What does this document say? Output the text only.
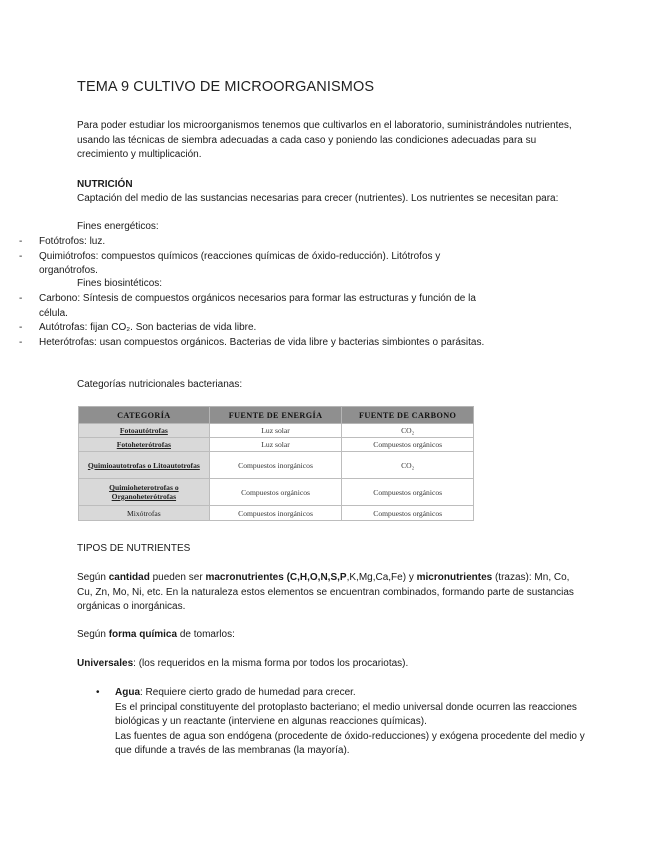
TEMA 9 CULTIVO DE MICROORGANISMOS
Para poder estudiar los microorganismos tenemos que cultivarlos en el laboratorio, suministrándoles nutrientes, usando las técnicas de siembra adecuadas a cada caso y poniendo las condiciones adecuadas para su crecimiento y multiplicación.
NUTRICIÓN
Captación del medio de las sustancias necesarias para crecer (nutrientes). Los nutrientes se necesitan para:
Fines energéticos:
- Fotótrofos: luz.
- Quimiótrofos: compuestos químicos (reacciones químicas de óxido-reducción). Litótrofos y organótrofos.
Fines biosintéticos:
- Carbono: Síntesis de compuestos orgánicos necesarios para formar las estructuras y función de la célula.
- Autótrofas: fijan CO₂. Son bacterias de vida libre.
- Heterótrofas: usan compuestos orgánicos. Bacterias de vida libre y bacterias simbiontes o parásitas.
Categorías nutricionales bacterianas:
CATEGORÍA	FUENTE DE ENERGÍA	FUENTE DE CARBONO
Fotoautótrofas	Luz solar	CO₂
Fotoheterótrofas	Luz solar	Compuestos orgánicos
Quimioautotrofas o Litoautotrofas	Compuestos inorgánicos	CO₂
Quimioheterotrofas o Organoheterótrofas	Compuestos orgánicos	Compuestos orgánicos
Mixótrofas	Compuestos inorgánicos	Compuestos orgánicos
TIPOS DE NUTRIENTES
Según cantidad pueden ser macronutrientes (C,H,O,N,S,P,K,Mg,Ca,Fe) y micronutrientes (trazas): Mn, Co, Cu, Zn, Mo, Ni, etc. En la naturaleza estos elementos se encuentran combinados, formando parte de sustancias orgánicas o inorgánicas.
Según forma química de tomarlos:
Universales: (los requeridos en la misma forma por todos los procariotas).
• Agua: Requiere cierto grado de humedad para crecer.
Es el principal constituyente del protoplasto bacteriano; el medio universal donde ocurren las reacciones biológicas y un reactante (interviene en algunas reacciones químicas).
Las fuentes de agua son endógena (procedente de óxido-reducciones) y exógena procedente del medio y que difunde a través de las membranas (la mayoría).
